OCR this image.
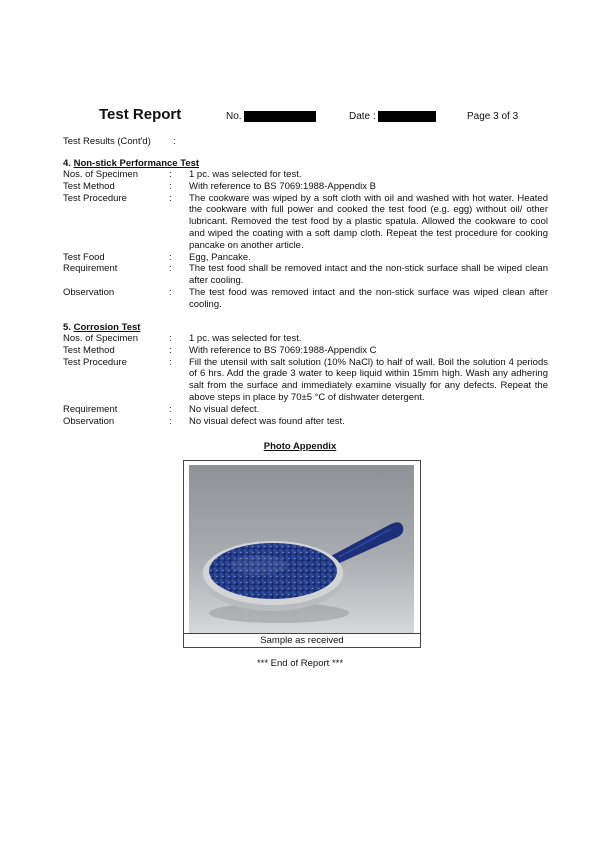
Test Report	No.	Date :	Page 3 of 3
Test Results (Cont'd) :
4. Non-stick Performance Test
Nos. of Specimen	:	1 pc. was selected for test.
Test Method	:	With reference to BS 7069:1988-Appendix B
Test Procedure	:	The cookware was wiped by a soft cloth with oil and washed with hot water. Heated the cookware with full power and cooked the test food (e.g. egg) without oil/ other lubricant. Removed the test food by a plastic spatula. Allowed the cookware to cool and wiped the coating with a soft damp cloth. Repeat the test procedure for cooking pancake on another article.
Test Food	:	Egg, Pancake.
Requirement	:	The test food shall be removed intact and the non-stick surface shall be wiped clean after cooling.
Observation	:	The test food was removed intact and the non-stick surface was wiped clean after cooling.
5. Corrosion Test
Nos. of Specimen	:	1 pc. was selected for test.
Test Method	:	With reference to BS 7069:1988-Appendix C
Test Procedure	:	Fill the utensil with salt solution (10% NaCl) to half of wall. Boil the solution 4 periods of 6 hrs. Add the grade 3 water to keep liquid within 15mm high. Wash any adhering salt from the surface and immediately examine visually for any defects. Repeat the above steps in place by 70±5 °C of dishwater detergent.
Requirement	:	No visual defect.
Observation	:	No visual defect was found after test.
Photo Appendix
Sample as received
*** End of Report ***
